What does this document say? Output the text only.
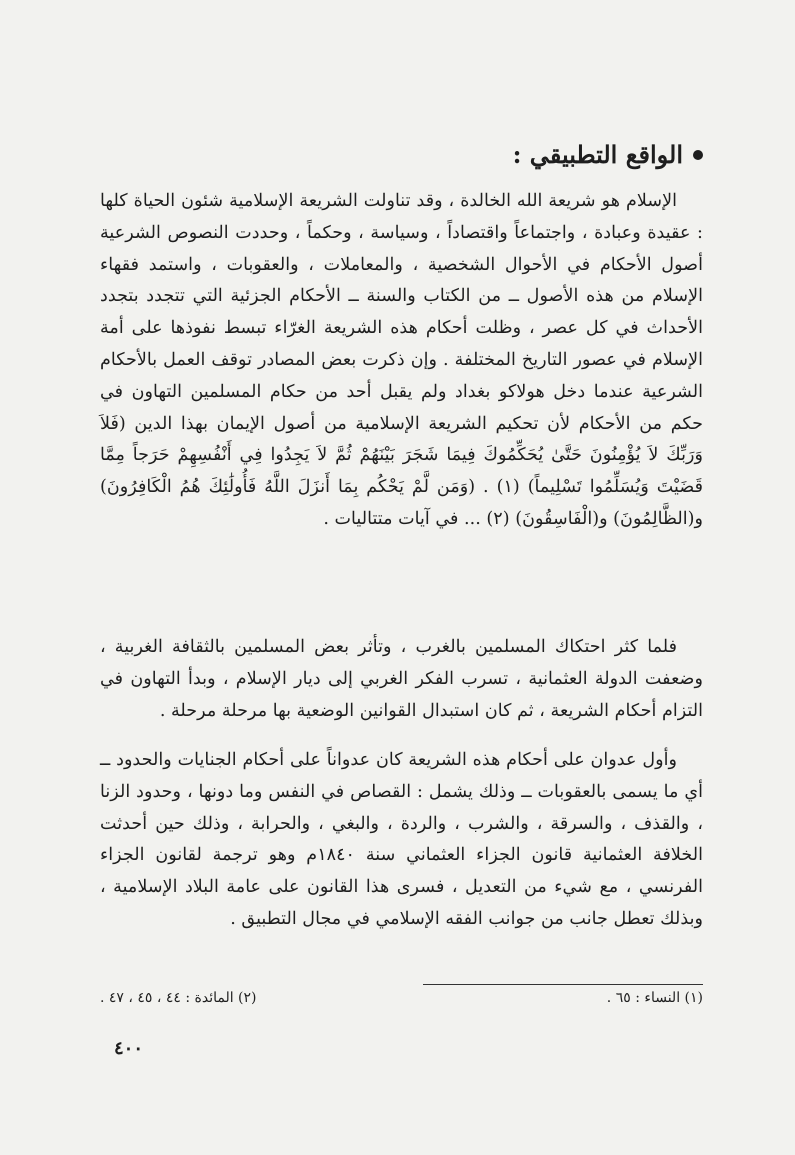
الواقع التطبيقي :

الإسلام هو شريعة الله الخالدة ، وقد تناولت الشريعة الإسلامية شئون الحياة كلها : عقيدة وعبادة ، واجتماعاً واقتصاداً ، وسياسة ، وحكماً ، وحددت النصوص الشرعية أصول الأحكام في الأحوال الشخصية ، والمعاملات ، والعقوبات ، واستمد فقهاء الإسلام من هذه الأصول ــ من الكتاب والسنة ــ الأحكام الجزئية التي تتجدد بتجدد الأحداث في كل عصر ، وظلت أحكام هذه الشريعة الغرّاء تبسط نفوذها على أمة الإسلام في عصور التاريخ المختلفة . وإن ذكرت بعض المصادر توقف العمل بالأحكام الشرعية عندما دخل هولاكو بغداد ولم يقبل أحد من حكام المسلمين التهاون في حكم من الأحكام لأن تحكيم الشريعة الإسلامية من أصول الإيمان بهذا الدين (فَلاَ وَرَبِّكَ لاَ يُؤْمِنُونَ حَتَّىٰ يُحَكِّمُوكَ فِيمَا شَجَرَ بَيْنَهُمْ ثُمَّ لاَ يَجِدُوا فِي أَنْفُسِهِمْ حَرَجاً مِمَّا قَضَيْتَ وَيُسَلِّمُوا تَسْلِيماً) (١) . (وَمَن لَّمْ يَحْكُم بِمَا أَنزَلَ اللَّهُ فَأُولَٰئِكَ هُمُ الْكَافِرُونَ) و(الظَّالِمُونَ) و(الْفَاسِقُونَ) (٢) ... في آيات متتاليات .

فلما كثر احتكاك المسلمين بالغرب ، وتأثر بعض المسلمين بالثقافة الغربية ، وضعفت الدولة العثمانية ، تسرب الفكر الغربي إلى ديار الإسلام ، وبدأ التهاون في التزام أحكام الشريعة ، ثم كان استبدال القوانين الوضعية بها مرحلة مرحلة .

وأول عدوان على أحكام هذه الشريعة كان عدواناً على أحكام الجنايات والحدود ــ أي ما يسمى بالعقوبات ــ وذلك يشمل : القصاص في النفس وما دونها ، وحدود الزنا ، والقذف ، والسرقة ، والشرب ، والردة ، والبغي ، والحرابة ، وذلك حين أحدثت الخلافة العثمانية قانون الجزاء العثماني سنة ١٨٤٠م وهو ترجمة لقانون الجزاء الفرنسي ، مع شيء من التعديل ، فسرى هذا القانون على عامة البلاد الإسلامية ، وبذلك تعطل جانب من جوانب الفقه الإسلامي في مجال التطبيق .

(١) النساء : ٦٥ .
(٢) المائدة : ٤٤ ، ٤٥ ، ٤٧ .
٤٠٠
